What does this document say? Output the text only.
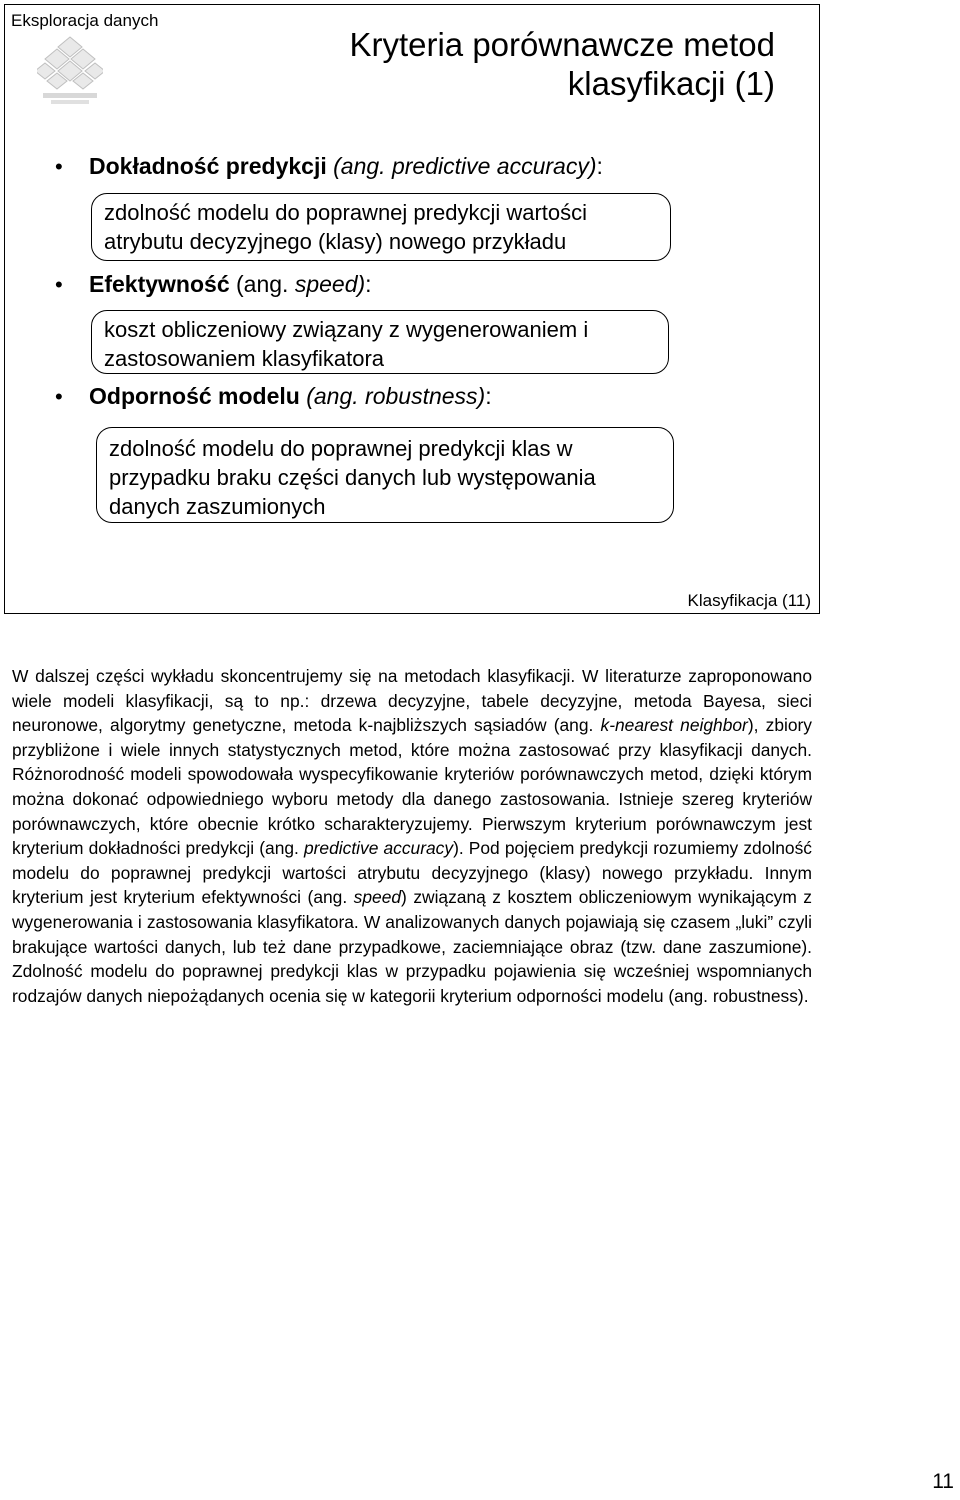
Eksploracja danych
Kryteria porównawcze metod
klasyfikacji (1)
• Dokładność predykcji (ang. predictive accuracy):
zdolność modelu do poprawnej predykcji wartości
atrybutu decyzyjnego (klasy) nowego przykładu
• Efektywność (ang. speed):
koszt obliczeniowy związany z wygenerowaniem i
zastosowaniem klasyfikatora
• Odporność modelu (ang. robustness):
zdolność modelu do poprawnej predykcji klas w
przypadku braku części danych lub występowania
danych zaszumionych
Klasyfikacja (11)
W dalszej części wykładu skoncentrujemy się na metodach klasyfikacji. W literaturze zaproponowano wiele modeli klasyfikacji, są to np.: drzewa decyzyjne, tabele decyzyjne, metoda Bayesa, sieci neuronowe, algorytmy genetyczne, metoda k-najbliższych sąsiadów (ang. k-nearest neighbor), zbiory przybliżone i wiele innych statystycznych metod, które można zastosować przy klasyfikacji danych. Różnorodność modeli spowodowała wyspecyfikowanie kryteriów porównawczych metod, dzięki którym można dokonać odpowiedniego wyboru metody dla danego zastosowania. Istnieje szereg kryteriów porównawczych, które obecnie krótko scharakteryzujemy. Pierwszym kryterium porównawczym jest kryterium dokładności predykcji (ang. predictive accuracy). Pod pojęciem predykcji rozumiemy zdolność modelu do poprawnej predykcji wartości atrybutu decyzyjnego (klasy) nowego przykładu. Innym kryterium jest kryterium efektywności (ang. speed) związaną z kosztem obliczeniowym wynikającym z wygenerowania i zastosowania klasyfikatora. W analizowanych danych pojawiają się czasem „luki” czyli brakujące wartości danych, lub też dane przypadkowe, zaciemniające obraz (tzw. dane zaszumione). Zdolność modelu do poprawnej predykcji klas w przypadku pojawienia się wcześniej wspomnianych rodzajów danych niepożądanych ocenia się w kategorii kryterium odporności modelu (ang. robustness).
11
